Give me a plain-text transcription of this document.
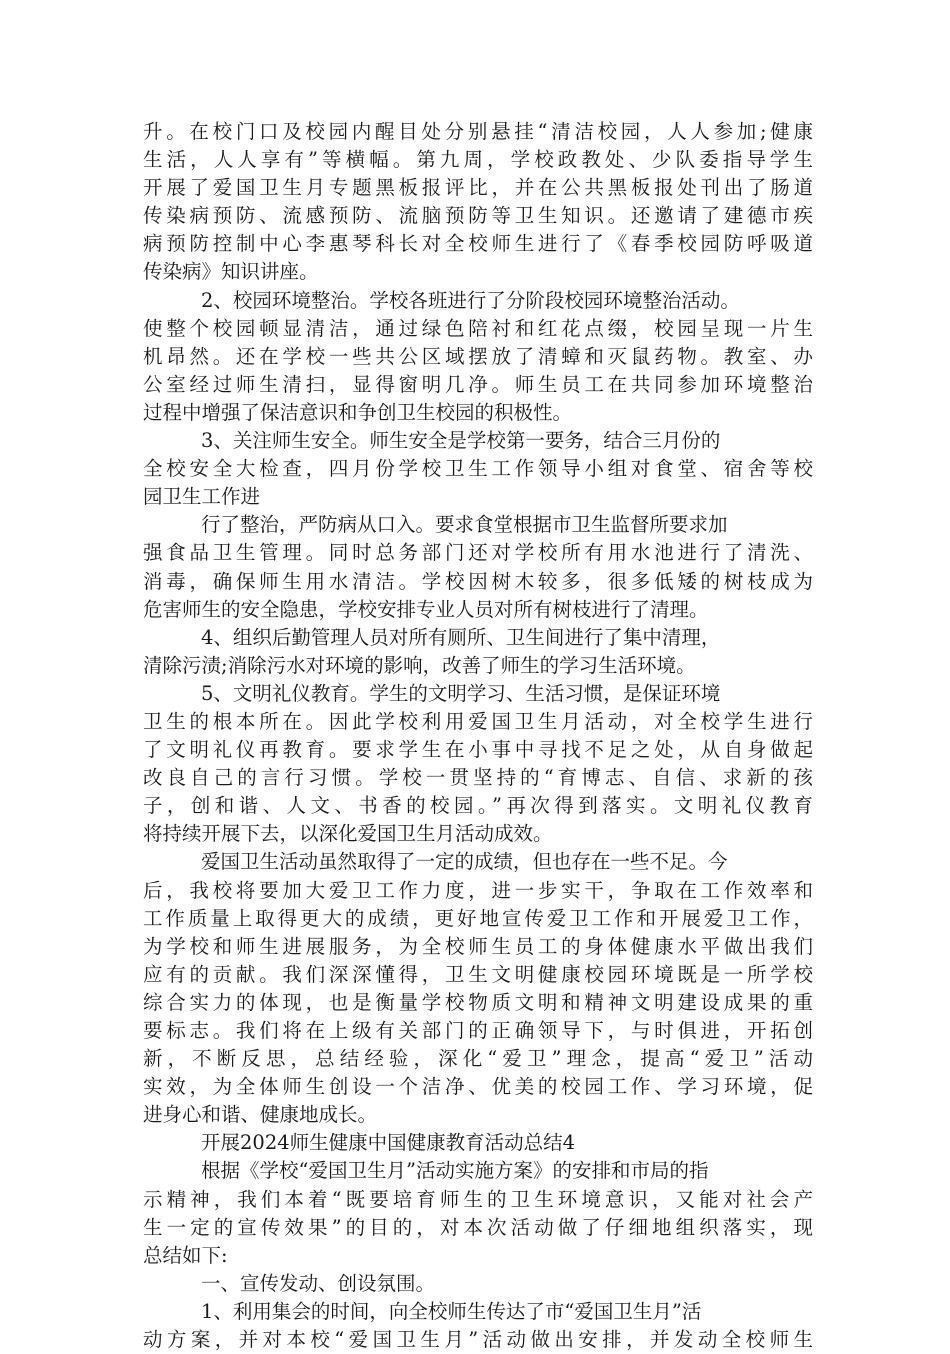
升。在校门口及校园内醒目处分别悬挂“清洁校园，人人参加;健康
生活，人人享有”等横幅。第九周，学校政教处、少队委指导学生
开展了爱国卫生月专题黑板报评比，并在公共黑板报处刊出了肠道
传染病预防、流感预防、流脑预防等卫生知识。还邀请了建德市疾
病预防控制中心李惠琴科长对全校师生进行了《春季校园防呼吸道
传染病》知识讲座。
2、校园环境整治。学校各班进行了分阶段校园环境整治活动。
使整个校园顿显清洁，通过绿色陪衬和红花点缀，校园呈现一片生
机昂然。还在学校一些共公区域摆放了清蟑和灭鼠药物。教室、办
公室经过师生清扫，显得窗明几净。师生员工在共同参加环境整治
过程中增强了保洁意识和争创卫生校园的积极性。
3、关注师生安全。师生安全是学校第一要务，结合三月份的
全校安全大检查，四月份学校卫生工作领导小组对食堂、宿舍等校
园卫生工作进
行了整治，严防病从口入。要求食堂根据市卫生监督所要求加
强食品卫生管理。同时总务部门还对学校所有用水池进行了清洗、
消毒，确保师生用水清洁。学校因树木较多，很多低矮的树枝成为
危害师生的安全隐患，学校安排专业人员对所有树枝进行了清理。
4、组织后勤管理人员对所有厕所、卫生间进行了集中清理，
清除污渍;消除污水对环境的影响，改善了师生的学习生活环境。
5、文明礼仪教育。学生的文明学习、生活习惯，是保证环境
卫生的根本所在。因此学校利用爱国卫生月活动，对全校学生进行
了文明礼仪再教育。要求学生在小事中寻找不足之处，从自身做起
改良自己的言行习惯。学校一贯坚持的“育博志、自信、求新的孩
子，创和谐、人文、书香的校园。”再次得到落实。文明礼仪教育
将持续开展下去，以深化爱国卫生月活动成效。
爱国卫生活动虽然取得了一定的成绩，但也存在一些不足。今
后，我校将要加大爱卫工作力度，进一步实干，争取在工作效率和
工作质量上取得更大的成绩，更好地宣传爱卫工作和开展爱卫工作，
为学校和师生进展服务，为全校师生员工的身体健康水平做出我们
应有的贡献。我们深深懂得，卫生文明健康校园环境既是一所学校
综合实力的体现，也是衡量学校物质文明和精神文明建设成果的重
要标志。我们将在上级有关部门的正确领导下，与时俱进，开拓创
新，不断反思，总结经验，深化“爱卫”理念，提高“爱卫”活动
实效，为全体师生创设一个洁净、优美的校园工作、学习环境，促
进身心和谐、健康地成长。
开展2024师生健康中国健康教育活动总结4
根据《学校“爱国卫生月”活动实施方案》的安排和市局的指
示精神，我们本着“既要培育师生的卫生环境意识，又能对社会产
生一定的宣传效果”的目的，对本次活动做了仔细地组织落实，现
总结如下:
一、宣传发动、创设氛围。
1、利用集会的时间，向全校师生传达了市“爱国卫生月”活
动方案，并对本校“爱国卫生月”活动做出安排，并发动全校师生
